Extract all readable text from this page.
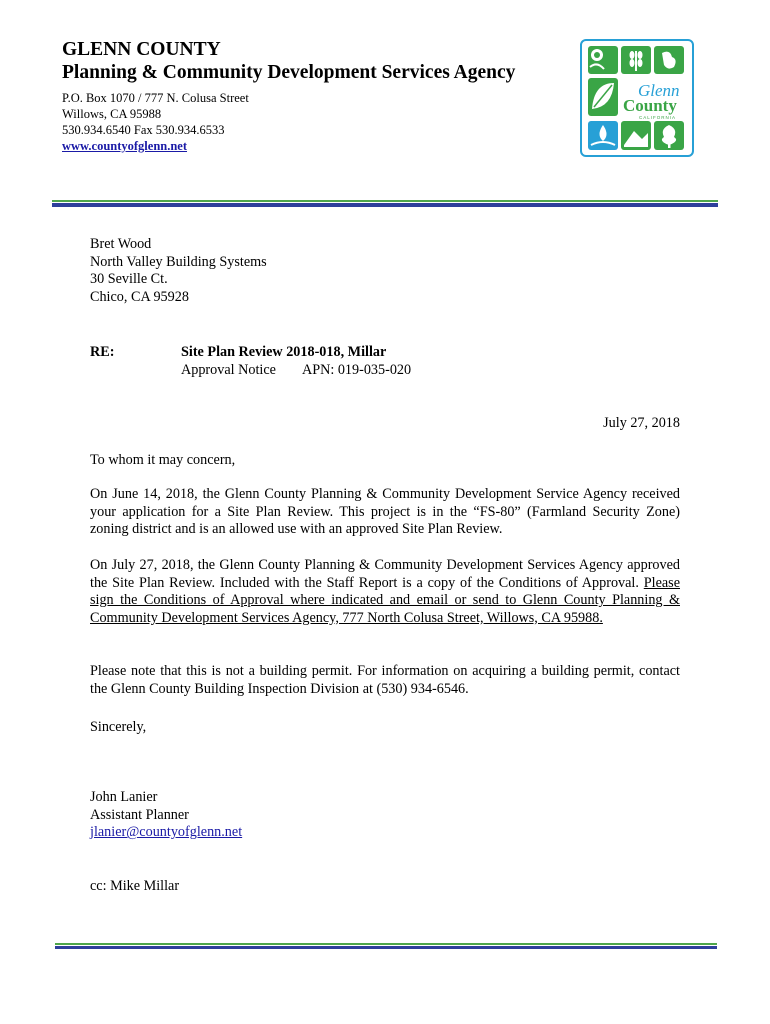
GLENN COUNTY
Planning & Community Development Services Agency
P.O. Box 1070 / 777 N. Colusa Street
Willows, CA 95988
530.934.6540 Fax 530.934.6533
www.countyofglenn.net
Glenn
County
CALIFORNIA
Bret Wood
North Valley Building Systems
30 Seville Ct.
Chico, CA 95928
RE:	Site Plan Review 2018-018, Millar
Approval Notice APN: 019-035-020
July 27, 2018
To whom it may concern,

On June 14, 2018, the Glenn County Planning & Community Development Service Agency received your application for a Site Plan Review. This project is in the “FS-80” (Farmland Security Zone) zoning district and is an allowed use with an approved Site Plan Review.

On July 27, 2018, the Glenn County Planning & Community Development Services Agency approved the Site Plan Review. Included with the Staff Report is a copy of the Conditions of Approval. Please sign the Conditions of Approval where indicated and email or send to Glenn County Planning & Community Development Services Agency, 777 North Colusa Street, Willows, CA 95988.

Please note that this is not a building permit. For information on acquiring a building permit, contact the Glenn County Building Inspection Division at (530) 934-6546.

Sincerely,
John Lanier
Assistant Planner
jlanier@countyofglenn.net
cc: Mike Millar
